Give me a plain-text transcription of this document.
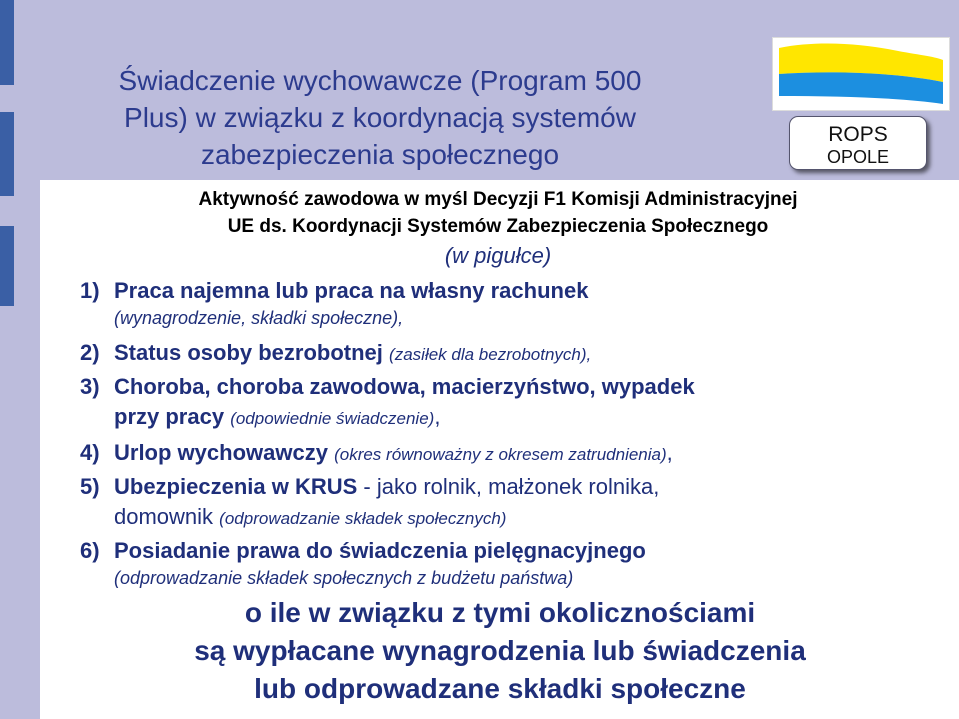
Świadczenie wychowawcze (Program 500
Plus) w związku z koordynacją systemów
zabezpieczenia społecznego
ROPS
OPOLE
Aktywność zawodowa w myśl Decyzji F1 Komisji Administracyjnej
UE ds. Koordynacji Systemów Zabezpieczenia Społecznego
(w pigułce)
1) Praca najemna lub praca na własny rachunek
(wynagrodzenie, składki społeczne),
2) Status osoby bezrobotnej (zasiłek dla bezrobotnych),
3) Choroba, choroba zawodowa, macierzyństwo, wypadek
przy pracy (odpowiednie świadczenie),
4) Urlop wychowawczy (okres równoważny z okresem zatrudnienia),
5) Ubezpieczenia w KRUS - jako rolnik, małżonek rolnika,
domownik (odprowadzanie składek społecznych)
6) Posiadanie prawa do świadczenia pielęgnacyjnego
(odprowadzanie składek społecznych z budżetu państwa)
o ile w związku z tymi okolicznościami
są wypłacane wynagrodzenia lub świadczenia
lub odprowadzane składki społeczne
